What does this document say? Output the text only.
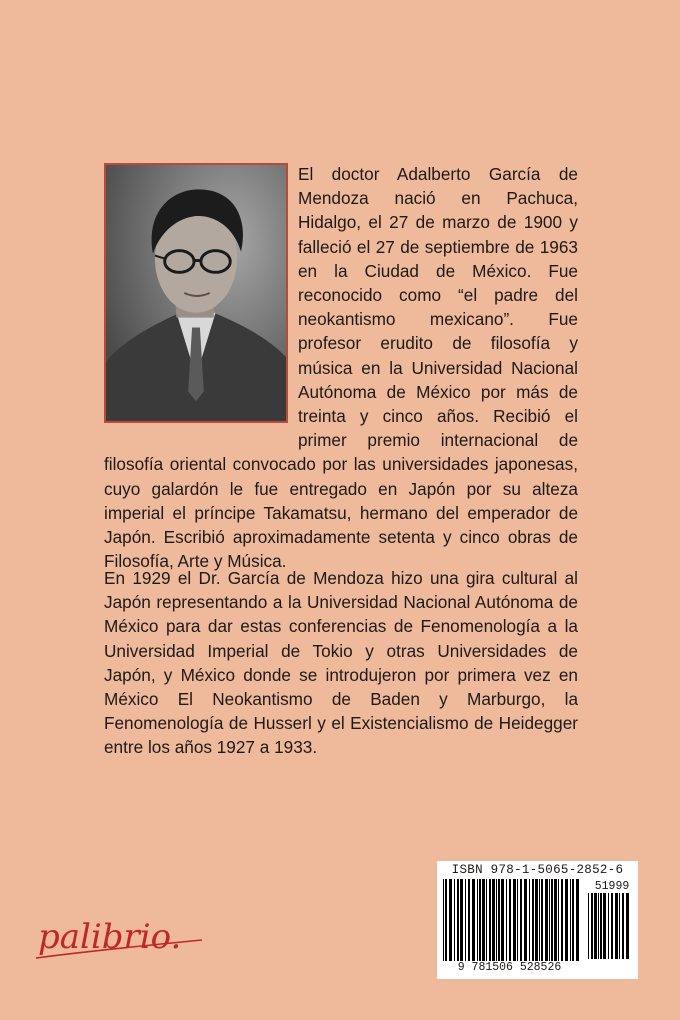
El doctor Adalberto García de Mendoza nació en Pachuca, Hidalgo, el 27 de marzo de 1900 y falleció el 27 de septiembre de 1963 en la Ciudad de México. Fue reconocido como “el padre del neokantismo mexicano”. Fue profesor erudito de filosofía y música en la Universidad Nacional Autónoma de México por más de treinta y cinco años. Recibió el primer premio internacional de filosofía oriental convocado por las universidades japonesas, cuyo galardón le fue entregado en Japón por su alteza imperial el príncipe Takamatsu, hermano del emperador de Japón. Escribió aproximadamente setenta y cinco obras de Filosofía, Arte y Música.

En 1929 el Dr. García de Mendoza hizo una gira cultural al Japón representando a la Universidad Nacional Autónoma de México para dar estas conferencias de Fenomenología a la Universidad Imperial de Tokio y otras Universidades de Japón, y México donde se introdujeron por primera vez en México El Neokantismo de Baden y Marburgo, la Fenomenología de Husserl y el Existencialismo de Heidegger entre los años 1927 a 1933.

ISBN 978-1-5065-2852-6
51999
9 781506 528526
palibrio.
